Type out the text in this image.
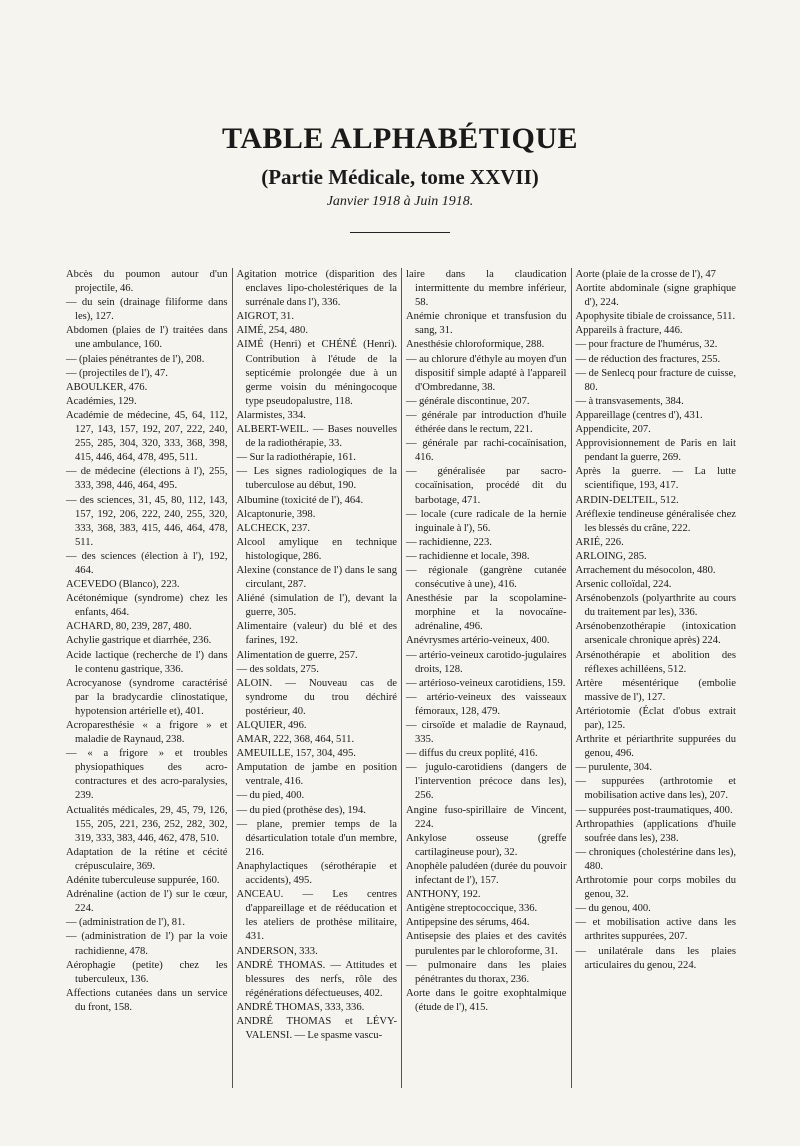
TABLE ALPHABÉTIQUE
(Partie Médicale, tome XXVII)
Janvier 1918 à Juin 1918.

Abcès du poumon autour d'un projectile, 46.

— du sein (drainage filiforme dans les), 127.

Abdomen (plaies de l') traitées dans une ambulance, 160.

— (plaies pénétrantes de l'), 208.

— (projectiles de l'), 47.

ABOULKER, 476.

Académies, 129.

Académie de médecine, 45, 64, 112, 127, 143, 157, 192, 207, 222, 240, 255, 285, 304, 320, 333, 368, 398, 415, 446, 464, 478, 495, 511.

— de médecine (élections à l'), 255, 333, 398, 446, 464, 495.

— des sciences, 31, 45, 80, 112, 143, 157, 192, 206, 222, 240, 255, 320, 333, 368, 383, 415, 446, 464, 478, 511.

— des sciences (élection à l'), 192, 464.

ACEVEDO (Blanco), 223.

Acétonémique (syndrome) chez les enfants, 464.

ACHARD, 80, 239, 287, 480.

Achylie gastrique et diarrhée, 236.

Acide lactique (recherche de l') dans le contenu gastrique, 336.

Acrocyanose (syndrome caractérisé par la bradycardie clinostatique, hypotension artérielle et), 401.

Acroparesthésie « a frigore » et maladie de Raynaud, 238.

— « a frigore » et troubles physiopathiques des acro-contractures et des acro-paralysies, 239.

Actualités médicales, 29, 45, 79, 126, 155, 205, 221, 236, 252, 282, 302, 319, 333, 383, 446, 462, 478, 510.

Adaptation de la rétine et cécité crépusculaire, 369.

Adénite tuberculeuse suppurée, 160.

Adrénaline (action de l') sur le cœur, 224.

— (administration de l'), 81.

— (administration de l') par la voie rachidienne, 478.

Aérophagie (petite) chez les tuberculeux, 136.

Affections cutanées dans un service du front, 158.

Agitation motrice (disparition des enclaves lipo-cholestériques de la surrénale dans l'), 336.

AIGROT, 31.

AIMÉ, 254, 480.

AIMÉ (Henri) et CHÉNÉ (Henri). Contribution à l'étude de la septicémie prolongée due à un germe voisin du méningocoque type pseudopalustre, 118.

Alarmistes, 334.

ALBERT-WEIL. — Bases nouvelles de la radiothérapie, 33.

— Sur la radiothérapie, 161.

— Les signes radiologiques de la tuberculose au début, 190.

Albumine (toxicité de l'), 464.

Alcaptonurie, 398.

ALCHECK, 237.

Alcool amylique en technique histologique, 286.

Alexine (constance de l') dans le sang circulant, 287.

Aliéné (simulation de l'), devant la guerre, 305.

Alimentaire (valeur) du blé et des farines, 192.

Alimentation de guerre, 257.

— des soldats, 275.

ALOIN. — Nouveau cas de syndrome du trou déchiré postérieur, 40.

ALQUIER, 496.

AMAR, 222, 368, 464, 511.

AMEUILLE, 157, 304, 495.

Amputation de jambe en position ventrale, 416.

— du pied, 400.

— du pied (prothèse des), 194.

— plane, premier temps de la désarticulation totale d'un membre, 216.

Anaphylactiques (sérothérapie et accidents), 495.

ANCEAU. — Les centres d'appareillage et de rééducation et les ateliers de prothèse militaire, 431.

ANDERSON, 333.

ANDRÉ THOMAS. — Attitudes et blessures des nerfs, rôle des régénérations défectueuses, 402.

ANDRÉ THOMAS, 333, 336.

ANDRÉ THOMAS et LÉVY-VALENSI. — Le spasme vascu-

laire dans la claudication intermittente du membre inférieur, 58.

Anémie chronique et transfusion du sang, 31.

Anesthésie chloroformique, 288.

— au chlorure d'éthyle au moyen d'un dispositif simple adapté à l'appareil d'Ombredanne, 38.

— générale discontinue, 207.

— générale par introduction d'huile éthérée dans le rectum, 221.

— générale par rachi-cocaïnisation, 416.

— généralisée par sacro-cocaïnisation, procédé dit du barbotage, 471.

— locale (cure radicale de la hernie inguinale à l'), 56.

— rachidienne, 223.

— rachidienne et locale, 398.

— régionale (gangrène cutanée consécutive à une), 416.

Anesthésie par la scopolamine-morphine et la novocaïne-adrénaline, 496.

Anévrysmes artério-veineux, 400.

— artério-veineux carotido-jugulaires droits, 128.

— artérioso-veineux carotidiens, 159.

— artério-veineux des vaisseaux fémoraux, 128, 479.

— cirsoïde et maladie de Raynaud, 335.

— diffus du creux poplité, 416.

— jugulo-carotidiens (dangers de l'intervention précoce dans les), 256.

Angine fuso-spirillaire de Vincent, 224.

Ankylose osseuse (greffe cartilagineuse pour), 32.

Anophèle paludéen (durée du pouvoir infectant de l'), 157.

ANTHONY, 192.

Antigène streptococcique, 336.

Antipepsine des sérums, 464.

Antisepsie des plaies et des cavités purulentes par le chloroforme, 31.

— pulmonaire dans les plaies pénétrantes du thorax, 236.

Aorte dans le goitre exophtalmique (étude de l'), 415.

Aorte (plaie de la crosse de l'), 47

Aortite abdominale (signe graphique d'), 224.

Apophysite tibiale de croissance, 511.

Appareils à fracture, 446.

— pour fracture de l'humérus, 32.

— de réduction des fractures, 255.

— de Senlecq pour fracture de cuisse, 80.

— à transvasements, 384.

Appareillage (centres d'), 431.

Appendicite, 207.

Approvisionnement de Paris en lait pendant la guerre, 269.

Après la guerre. — La lutte scientifique, 193, 417.

ARDIN-DELTEIL, 512.

Aréflexie tendineuse généralisée chez les blessés du crâne, 222.

ARIÉ, 226.

ARLOING, 285.

Arrachement du mésocolon, 480.

Arsenic colloïdal, 224.

Arsénobenzols (polyarthrite au cours du traitement par les), 336.

Arsénobenzothérapie (intoxication arsenicale chronique après) 224.

Arsénothérapie et abolition des réflexes achilléens, 512.

Artère mésentérique (embolie massive de l'), 127.

Artériotomie (Éclat d'obus extrait par), 125.

Arthrite et périarthrite suppurées du genou, 496.

— purulente, 304.

— suppurées (arthrotomie et mobilisation active dans les), 207.

— suppurées post-traumatiques, 400.

Arthropathies (applications d'huile soufrée dans les), 238.

— chroniques (cholestérine dans les), 480.

Arthrotomie pour corps mobiles du genou, 32.

— du genou, 400.

— et mobilisation active dans les arthrites suppurées, 207.

— unilatérale dans les plaies articulaires du genou, 224.
